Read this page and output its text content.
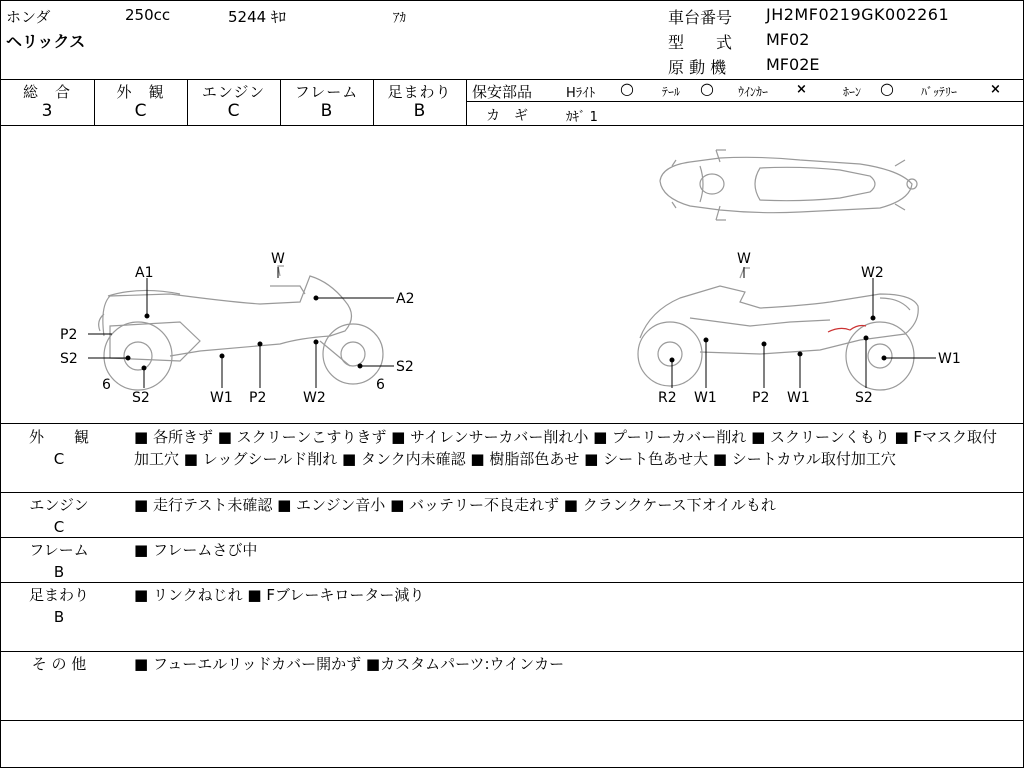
ホンダ	250cc	5244 ｷﾛ	ｱｶ
ヘリックス
車台番号 JH2MF0219GK002261
型　　式 MF02
原 動 機 MF02E
総　合
3
外　観
C
エンジン
C
フレーム
B
足まわり
B
保安部品	Hﾗｲﾄ ○ ﾃｰﾙ ○ ｳｲﾝｶｰ ×	ﾎｰﾝ ○ ﾊﾞｯﾃﾘｰ	×
カ　ギ	ｶｷﾞ 1
A1
W
A2
P2
S2	S2
6	6
S2	W1 P2	W2
W
W2
W1
R2 W1	P2 W1	S2
外　　観
C
■ 各所きず ■ スクリーンこすりきず ■ サイレンサーカバー削れ小 ■ プーリーカバー削れ ■ スクリーンくもり ■ Fマスク取付加工穴 ■ レッグシールド削れ ■ タンク内未確認 ■ 樹脂部色あせ ■ シート色あせ大 ■ シートカウル取付加工穴
エンジン
C
■ 走行テスト未確認 ■ エンジン音小 ■ バッテリー不良走れず ■ クランクケース下オイルもれ
フレーム
B
■ フレームさび中
足まわり
B
■ リンクねじれ ■ Fブレーキローター減り
そ の 他	■ フューエルリッドカバー開かず ■カスタムパーツ:ウインカー
